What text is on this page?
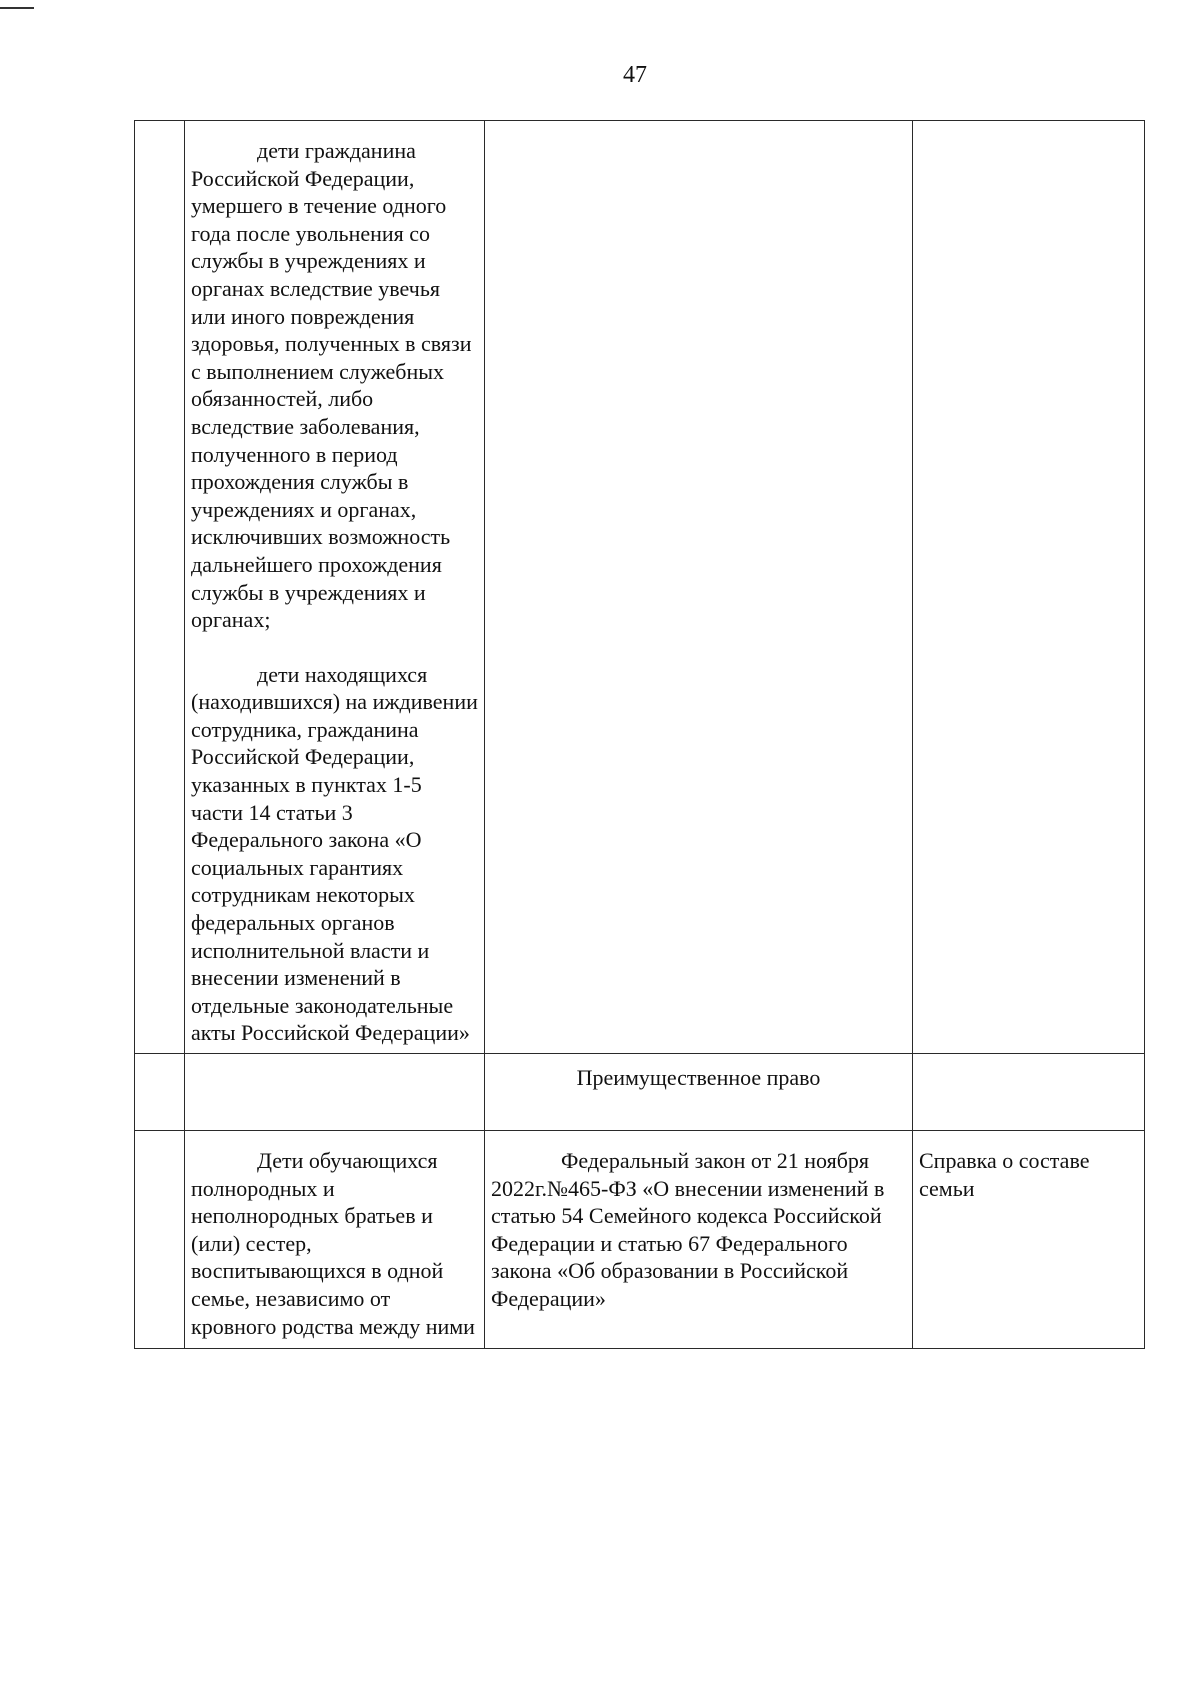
47

	дети гражданина Российской Федерации, умершего в течение одного года после увольнения со службы в учреждениях и органах вследствие увечья или иного повреждения здоровья, полученных в связи с выполнением служебных обязанностей, либо вследствие заболевания, полученного в период прохождения службы в учреждениях и органах, исключивших возможность дальнейшего прохождения службы в учреждениях и органах;

дети находящихся (находившихся) на иждивении сотрудника, гражданина Российской Федерации, указанных в пунктах 1-5 части 14 статьи 3 Федерального закона «О социальных гарантиях сотрудникам некоторых федеральных органов исполнительной власти и внесении изменений в отдельные законодательные акты Российской Федерации»		

		Преимущественное право	

	Дети обучающихся полнородных и неполнородных братьев и (или) сестер, воспитывающихся в одной семье, независимо от кровного родства между ними	Федеральный закон от 21 ноября 2022г.№465-ФЗ «О внесении изменений в статью 54 Семейного кодекса Российской Федерации и статью 67 Федерального закона «Об образовании в Российской Федерации»	Справка о составе семьи
